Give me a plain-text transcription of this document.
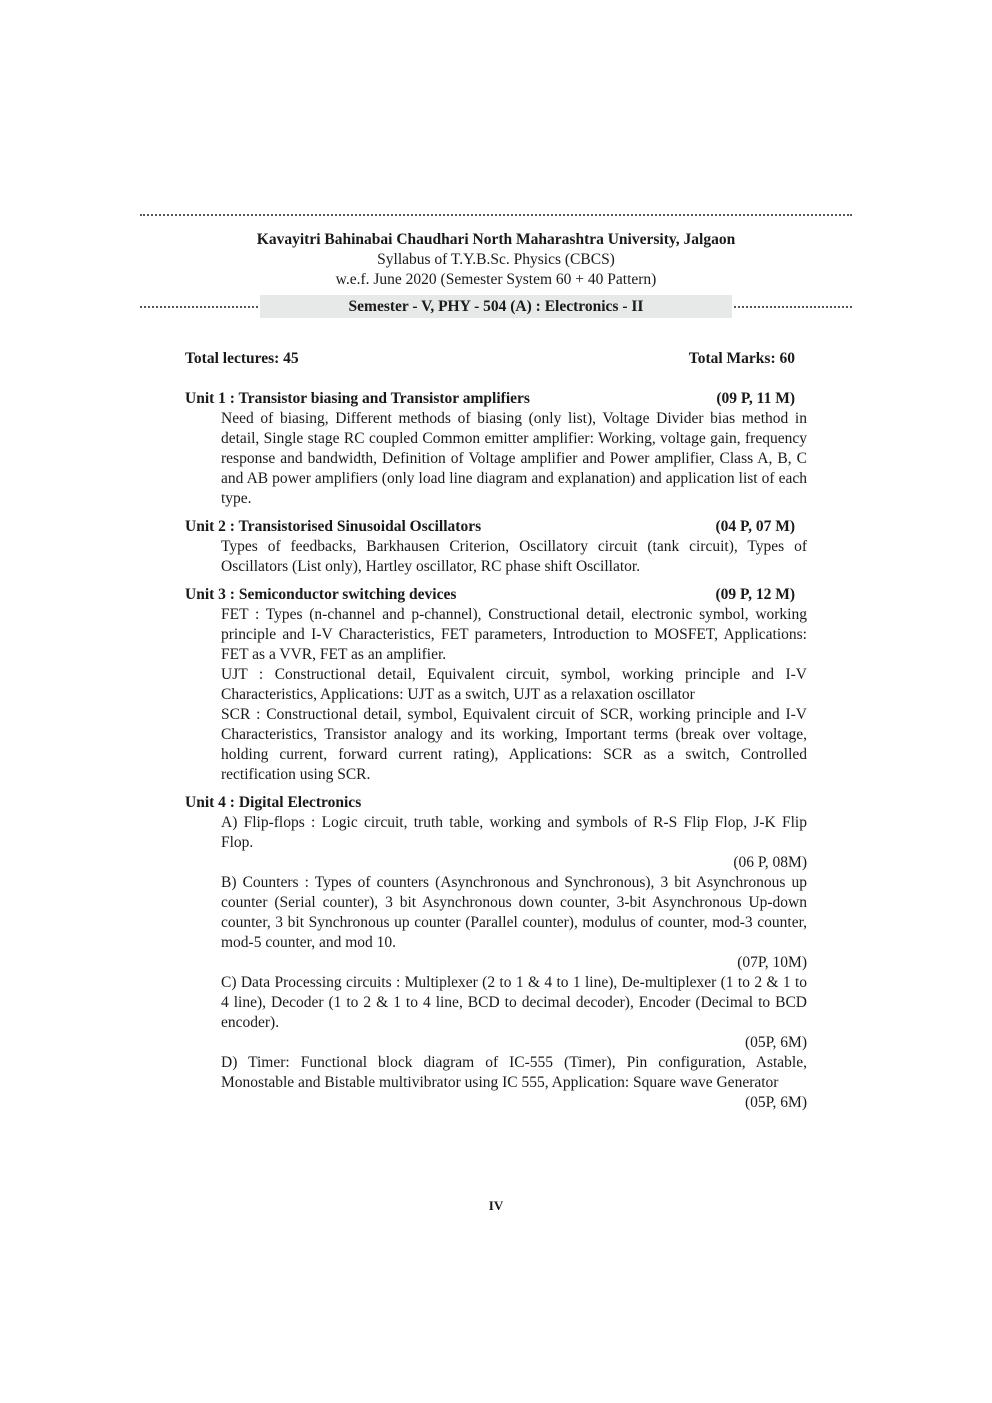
Kavayitri Bahinabai Chaudhari North Maharashtra University, Jalgaon
Syllabus of T.Y.B.Sc. Physics (CBCS)
w.e.f. June 2020 (Semester System 60 + 40 Pattern)
Semester - V, PHY - 504 (A) : Electronics - II
Total lectures: 45	Total Marks: 60
Unit 1 : Transistor biasing and Transistor amplifiers	(09 P, 11 M)
Need of biasing, Different methods of biasing (only list), Voltage Divider bias method in detail, Single stage RC coupled Common emitter amplifier: Working, voltage gain, frequency response and bandwidth, Definition of Voltage amplifier and Power amplifier, Class A, B, C and AB power amplifiers (only load line diagram and explanation) and application list of each type.
Unit 2 : Transistorised Sinusoidal Oscillators	(04 P, 07 M)
Types of feedbacks, Barkhausen Criterion, Oscillatory circuit (tank circuit), Types of Oscillators (List only), Hartley oscillator, RC phase shift Oscillator.
Unit 3 : Semiconductor switching devices	(09 P, 12 M)
FET : Types (n-channel and p-channel), Constructional detail, electronic symbol, working principle and I-V Characteristics, FET parameters, Introduction to MOSFET, Applications: FET as a VVR, FET as an amplifier.
UJT : Constructional detail, Equivalent circuit, symbol, working principle and I-V Characteristics, Applications: UJT as a switch, UJT as a relaxation oscillator
SCR : Constructional detail, symbol, Equivalent circuit of SCR, working principle and I-V Characteristics, Transistor analogy and its working, Important terms (break over voltage, holding current, forward current rating), Applications: SCR as a switch, Controlled rectification using SCR.
Unit 4 : Digital Electronics
A) Flip-flops : Logic circuit, truth table, working and symbols of R-S Flip Flop, J-K Flip Flop.
(06 P, 08M)
B) Counters : Types of counters (Asynchronous and Synchronous), 3 bit Asynchronous up counter (Serial counter), 3 bit Asynchronous down counter, 3-bit Asynchronous Up-down counter, 3 bit Synchronous up counter (Parallel counter), modulus of counter, mod-3 counter, mod-5 counter, and mod 10.
(07P, 10M)
C) Data Processing circuits : Multiplexer (2 to 1 & 4 to 1 line), De-multiplexer (1 to 2 & 1 to 4 line), Decoder (1 to 2 & 1 to 4 line, BCD to decimal decoder), Encoder (Decimal to BCD encoder).
(05P, 6M)
D) Timer: Functional block diagram of IC-555 (Timer), Pin configuration, Astable, Monostable and Bistable multivibrator using IC 555, Application: Square wave Generator
(05P, 6M)
IV
